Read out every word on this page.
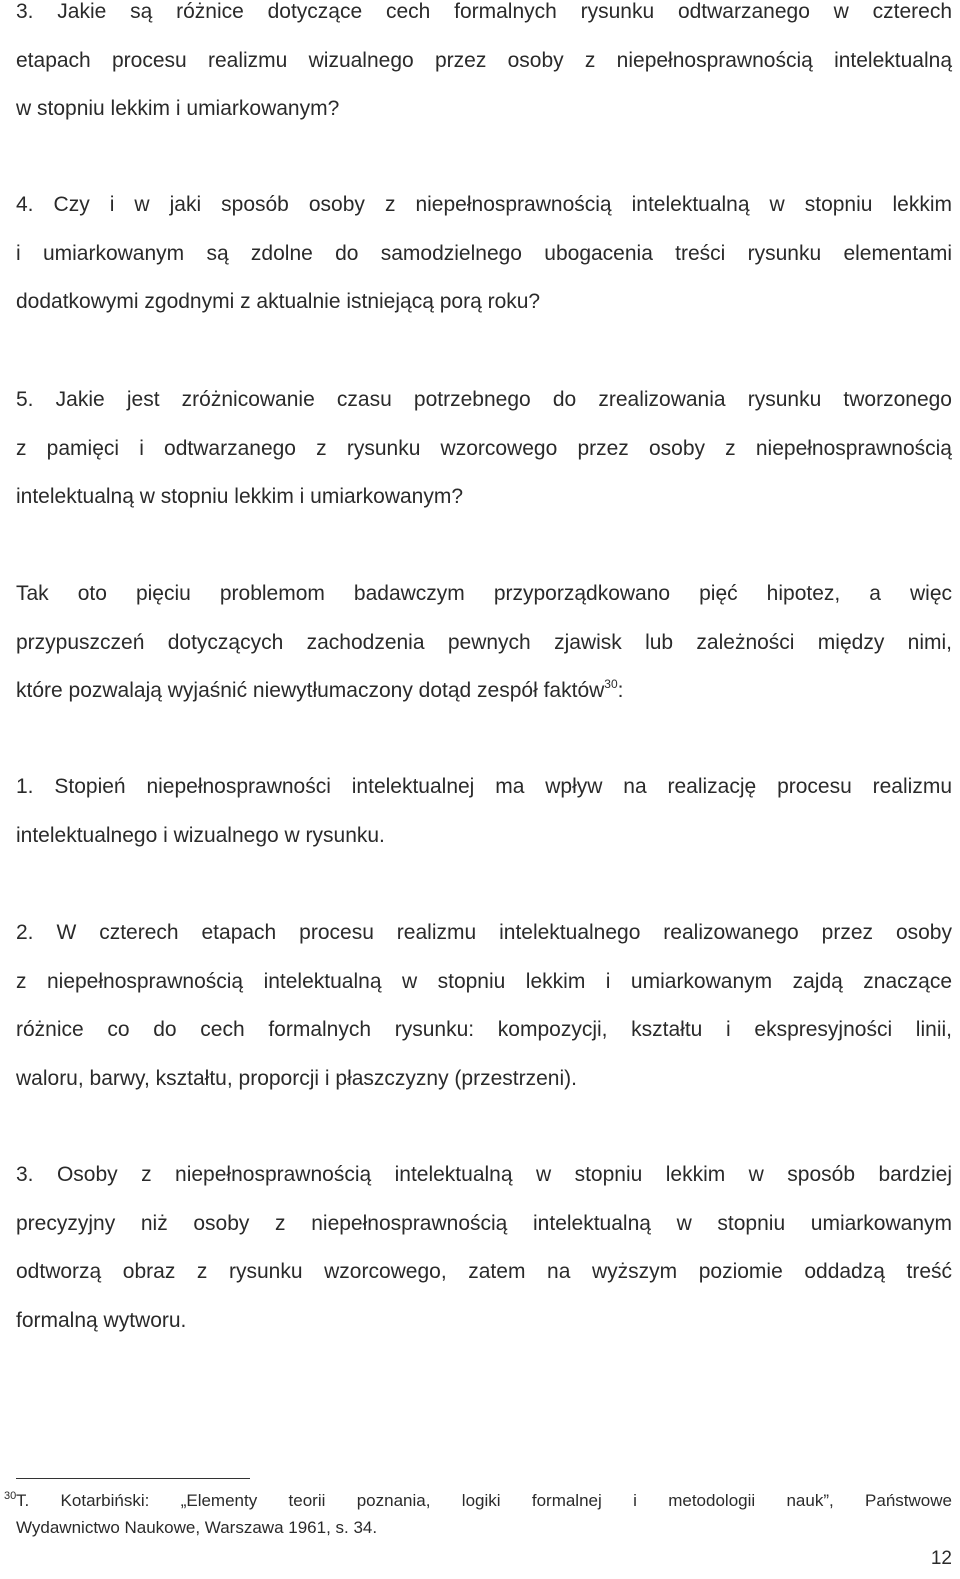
3. Jakie są różnice dotyczące cech formalnych rysunku odtwarzanego w czterech
etapach procesu realizmu wizualnego przez osoby z niepełnosprawnością intelektualną
w stopniu lekkim i umiarkowanym?

4. Czy i w jaki sposób osoby z niepełnosprawnością intelektualną w stopniu lekkim
i umiarkowanym są zdolne do samodzielnego ubogacenia treści rysunku elementami
dodatkowymi zgodnymi z aktualnie istniejącą porą roku?

5. Jakie jest zróżnicowanie czasu potrzebnego do zrealizowania rysunku tworzonego
z pamięci i odtwarzanego z rysunku wzorcowego przez osoby z niepełnosprawnością
intelektualną w stopniu lekkim i umiarkowanym?

Tak oto pięciu problemom badawczym przyporządkowano pięć hipotez, a więc
przypuszczeń dotyczących zachodzenia pewnych zjawisk lub zależności między nimi,
które pozwalają wyjaśnić niewytłumaczony dotąd zespół faktów$^{30}$:

1. Stopień niepełnosprawności intelektualnej ma wpływ na realizację procesu realizmu
intelektualnego i wizualnego w rysunku.

2. W czterech etapach procesu realizmu intelektualnego realizowanego przez osoby
z niepełnosprawnością intelektualną w stopniu lekkim i umiarkowanym zajdą znaczące
różnice co do cech formalnych rysunku: kompozycji, kształtu i ekspresyjności linii,
waloru, barwy, kształtu, proporcji i płaszczyzny (przestrzeni).

3. Osoby z niepełnosprawnością intelektualną w stopniu lekkim w sposób bardziej
precyzyjny niż osoby z niepełnosprawnością intelektualną w stopniu umiarkowanym
odtworzą obraz z rysunku wzorcowego, zatem na wyższym poziomie oddadzą treść
formalną wytworu.

30 T. Kotarbiński: „Elementy teorii poznania, logiki formalnej i metodologii nauk”, Państwowe
Wydawnictwo Naukowe, Warszawa 1961, s. 34.

12
